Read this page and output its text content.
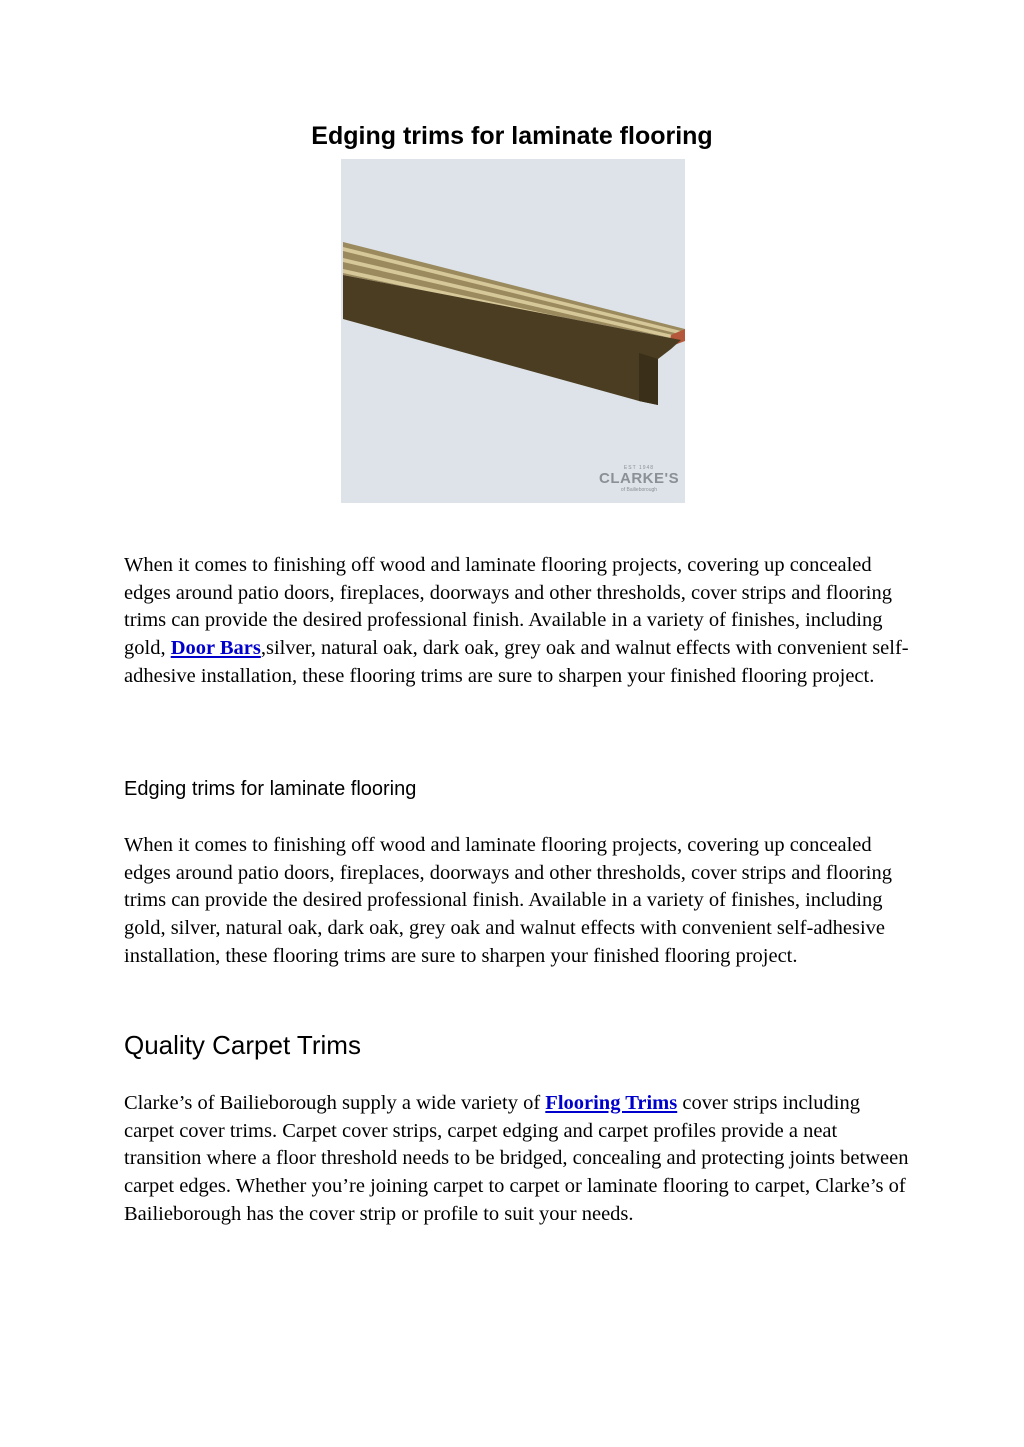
Edging trims for laminate flooring
EST 1948
CLARKE'S
of Bailieborough

When it comes to finishing off wood and laminate flooring projects, covering up concealed edges around patio doors, fireplaces, doorways and other thresholds, cover strips and flooring trims can provide the desired professional finish. Available in a variety of finishes, including gold, Door Bars,silver, natural oak, dark oak, grey oak and walnut effects with convenient self-adhesive installation, these flooring trims are sure to sharpen your finished flooring project.

Edging trims for laminate flooring

When it comes to finishing off wood and laminate flooring projects, covering up concealed edges around patio doors, fireplaces, doorways and other thresholds, cover strips and flooring trims can provide the desired professional finish. Available in a variety of finishes, including gold, silver, natural oak, dark oak, grey oak and walnut effects with convenient self-adhesive installation, these flooring trims are sure to sharpen your finished flooring project.

Quality Carpet Trims

Clarke’s of Bailieborough supply a wide variety of Flooring Trims cover strips including carpet cover trims. Carpet cover strips, carpet edging and carpet profiles provide a neat transition where a floor threshold needs to be bridged, concealing and protecting joints between carpet edges. Whether you’re joining carpet to carpet or laminate flooring to carpet, Clarke’s of Bailieborough has the cover strip or profile to suit your needs.
